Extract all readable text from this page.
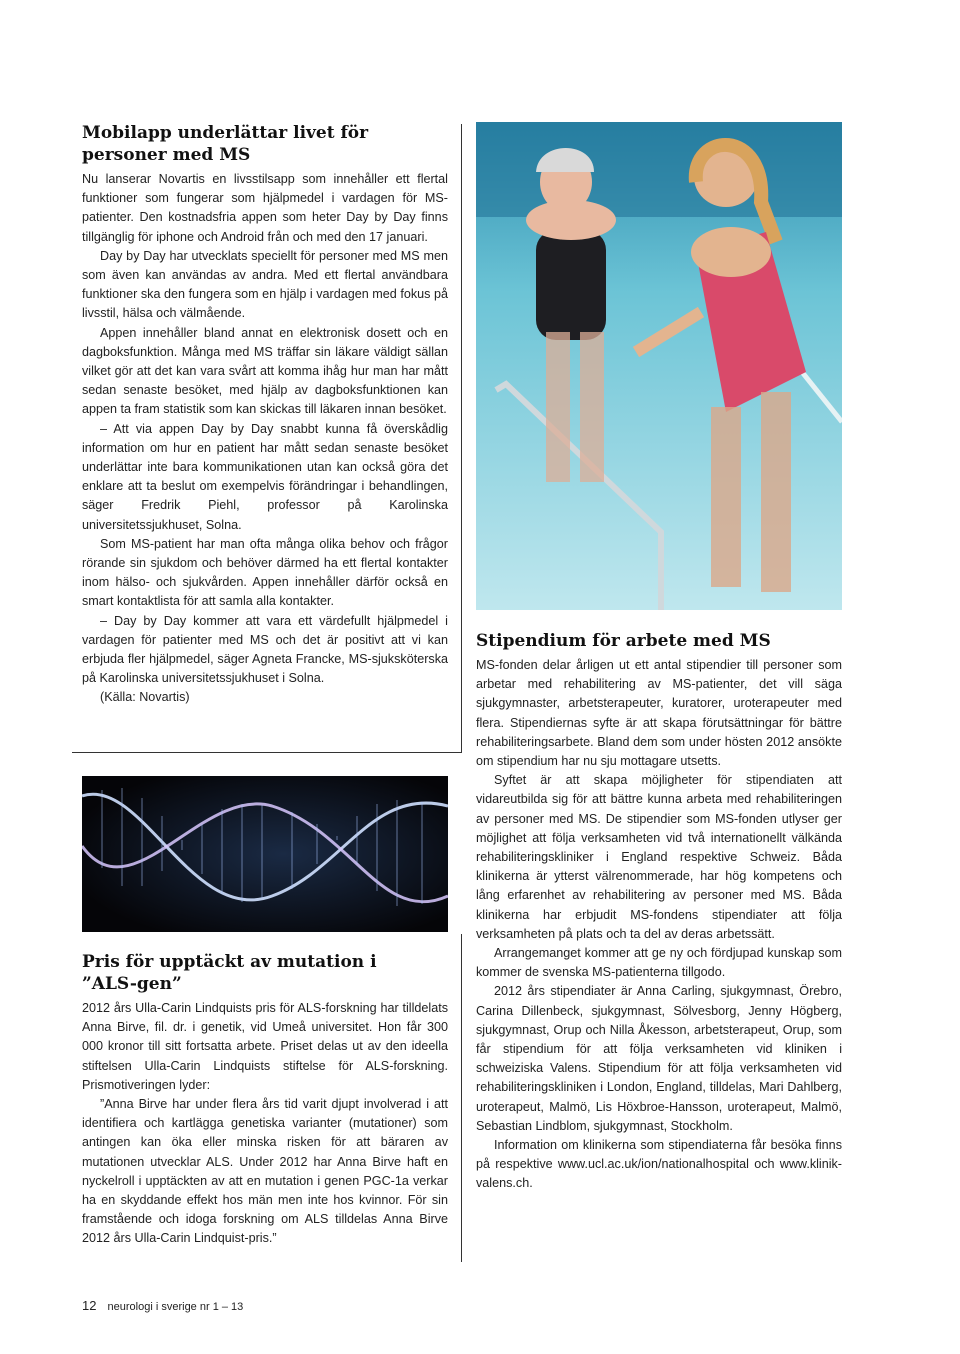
Mobilapp underlättar livet för
personer med MS

Nu lanserar Novartis en livsstilsapp som innehåller ett flertal funktioner som fungerar som hjälpmedel i vardagen för MS-patienter. Den kostnadsfria appen som heter Day by Day finns tillgänglig för iphone och Android från och med den 17 januari.

Day by Day har utvecklats speciellt för personer med MS men som även kan användas av andra. Med ett flertal användbara funktioner ska den fungera som en hjälp i vardagen med fokus på livsstil, hälsa och välmående.

Appen innehåller bland annat en elektronisk dosett och en dagboksfunktion. Många med MS träffar sin läkare väldigt sällan vilket gör att det kan vara svårt att komma ihåg hur man har mått sedan senaste besöket, med hjälp av dagboksfunktionen kan appen ta fram statistik som kan skickas till läkaren innan besöket.

– Att via appen Day by Day snabbt kunna få överskådlig information om hur en patient har mått sedan senaste besöket underlättar inte bara kommunikationen utan kan också göra det enklare att ta beslut om exempelvis förändringar i behandlingen, säger Fredrik Piehl, professor på Karolinska universitetssjukhuset, Solna.

Som MS-patient har man ofta många olika behov och frågor rörande sin sjukdom och behöver därmed ha ett flertal kontakter inom hälso- och sjukvården. Appen innehåller därför också en smart kontaktlista för att samla alla kontakter.

– Day by Day kommer att vara ett värdefullt hjälpmedel i vardagen för patienter med MS och det är positivt att vi kan erbjuda fler hjälpmedel, säger Agneta Francke, MS-sjuksköterska på Karolinska universitetssjukhuset i Solna.

(Källa: Novartis)

Pris för upptäckt av mutation i
”ALS-gen”

2012 års Ulla-Carin Lindquists pris för ALS-forskning har tilldelats Anna Birve, fil. dr. i genetik, vid Umeå universitet. Hon får 300 000 kronor till sitt fortsatta arbete. Priset delas ut av den ideella stiftelsen Ulla-Carin Lindquists stiftelse för ALS-forskning. Prismotiveringen lyder:

”Anna Birve har under flera års tid varit djupt involverad i att identifiera och kartlägga genetiska varianter (mutationer) som antingen kan öka eller minska risken för att bäraren av mutationen utvecklar ALS. Under 2012 har Anna Birve haft en nyckelroll i upptäckten av att en mutation i genen PGC-1a verkar ha en skyddande effekt hos män men inte hos kvinnor. För sin framstående och idoga forskning om ALS tilldelas Anna Birve 2012 års Ulla-Carin Lindquist-pris.”

Stipendium för arbete med MS

MS-fonden delar årligen ut ett antal stipendier till personer som arbetar med rehabilitering av MS-patienter, det vill säga sjukgymnaster, arbetsterapeuter, kuratorer, uroterapeuter med flera. Stipendiernas syfte är att skapa förutsättningar för bättre rehabiliteringsarbete. Bland dem som under hösten 2012 ansökte om stipendium har nu sju mottagare utsetts.

Syftet är att skapa möjligheter för stipendiaten att vidareutbilda sig för att bättre kunna arbeta med rehabiliteringen av personer med MS. De stipendier som MS-fonden utlyser ger möjlighet att följa verksamheten vid två internationellt välkända rehabiliteringskliniker i England respektive Schweiz. Båda klinikerna är ytterst välrenommerade, har hög kompetens och lång erfarenhet av rehabilitering av personer med MS. Båda klinikerna har erbjudit MS-fondens stipendiater att följa verksamheten på plats och ta del av deras arbetssätt.

Arrangemanget kommer att ge ny och fördjupad kunskap som kommer de svenska MS-patienterna tillgodo.

2012 års stipendiater är Anna Carling, sjukgymnast, Örebro, Carina Dillenbeck, sjukgymnast, Sölvesborg, Jenny Högberg, sjukgymnast, Orup och Nilla Åkesson, arbetsterapeut, Orup, som får stipendium för att följa verksamheten vid kliniken i schweiziska Valens. Stipendium för att följa verksamheten vid rehabiliteringskliniken i London, England, tilldelas, Mari Dahlberg, uroterapeut, Malmö, Lis Höxbroe-Hansson, uroterapeut, Malmö, Sebastian Lindblom, sjukgymnast, Stockholm.

Information om klinikerna som stipendiaterna får besöka finns på respektive www.ucl.ac.uk/ion/nationalhospital och www.klinik-valens.ch.

12 neurologi i sverige nr 1 – 13
